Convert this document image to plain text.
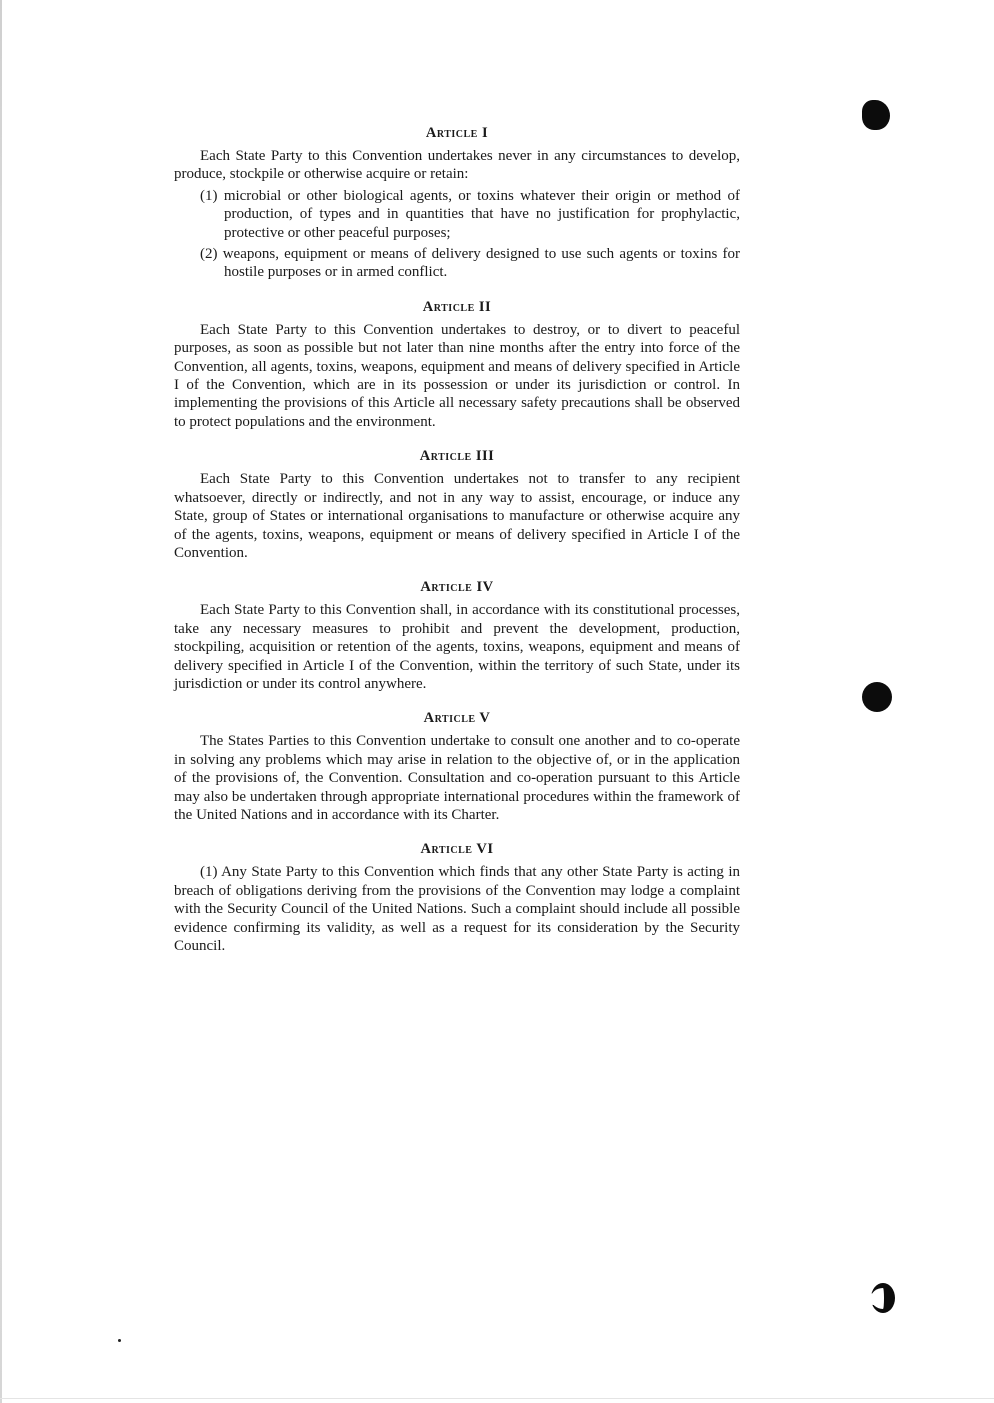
Article I

Each State Party to this Convention undertakes never in any circumstances to develop, produce, stockpile or otherwise acquire or retain:

(1) microbial or other biological agents, or toxins whatever their origin or method of production, of types and in quantities that have no justification for prophylactic, protective or other peaceful purposes;

(2) weapons, equipment or means of delivery designed to use such agents or toxins for hostile purposes or in armed conflict.

Article II

Each State Party to this Convention undertakes to destroy, or to divert to peaceful purposes, as soon as possible but not later than nine months after the entry into force of the Convention, all agents, toxins, weapons, equipment and means of delivery specified in Article I of the Convention, which are in its possession or under its jurisdiction or control. In implementing the provisions of this Article all necessary safety precautions shall be observed to protect populations and the environment.

Article III

Each State Party to this Convention undertakes not to transfer to any recipient whatsoever, directly or indirectly, and not in any way to assist, encourage, or induce any State, group of States or international organisations to manufacture or otherwise acquire any of the agents, toxins, weapons, equipment or means of delivery specified in Article I of the Convention.

Article IV

Each State Party to this Convention shall, in accordance with its constitutional processes, take any necessary measures to prohibit and prevent the development, production, stockpiling, acquisition or retention of the agents, toxins, weapons, equipment and means of delivery specified in Article I of the Convention, within the territory of such State, under its jurisdiction or under its control anywhere.

Article V

The States Parties to this Convention undertake to consult one another and to co-operate in solving any problems which may arise in relation to the objective of, or in the application of the provisions of, the Convention. Consultation and co-operation pursuant to this Article may also be undertaken through appropriate international procedures within the framework of the United Nations and in accordance with its Charter.

Article VI

(1) Any State Party to this Convention which finds that any other State Party is acting in breach of obligations deriving from the provisions of the Convention may lodge a complaint with the Security Council of the United Nations. Such a complaint should include all possible evidence confirming its validity, as well as a request for its consideration by the Security Council.
